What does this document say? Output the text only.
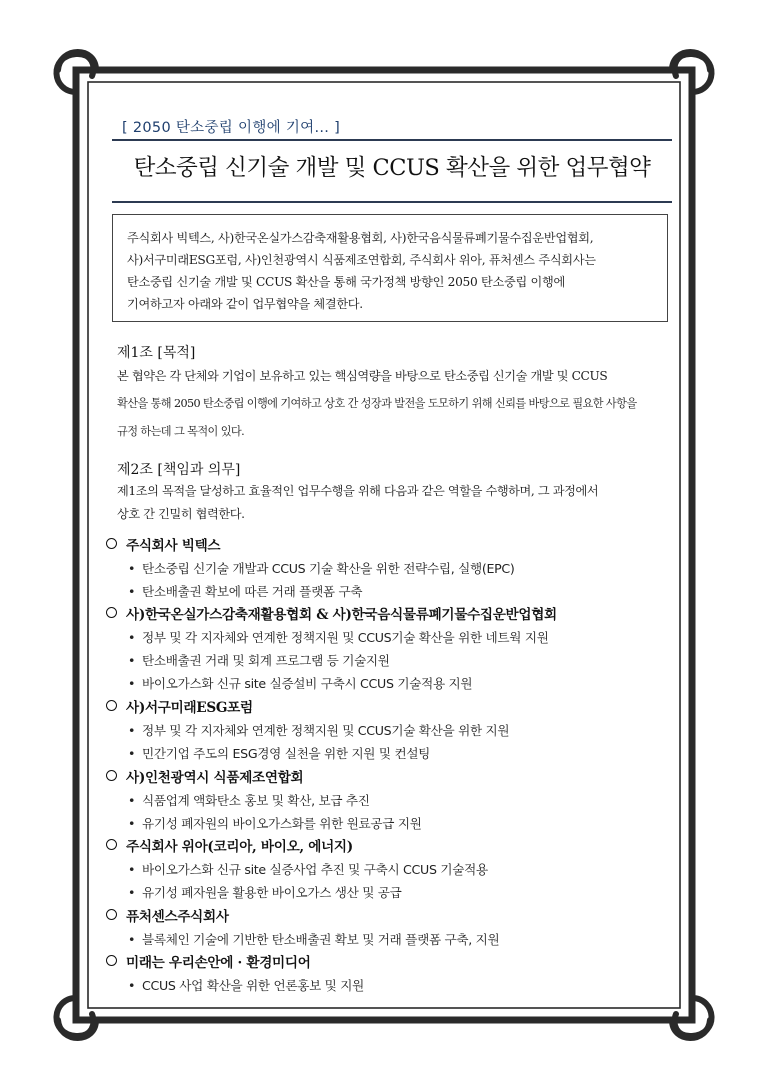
[ 2050 탄소중립 이행에 기여... ]
탄소중립 신기술 개발 및 CCUS 확산을 위한 업무협약
주식회사 빅텍스, 사)한국온실가스감축재활용협회, 사)한국음식물류폐기물수집운반업협회,
사)서구미래ESG포럼, 사)인천광역시 식품제조연합회, 주식회사 위아, 퓨처센스 주식회사는
탄소중립 신기술 개발 및 CCUS 확산을 통해 국가정책 방향인 2050 탄소중립 이행에
기여하고자 아래와 같이 업무협약을 체결한다.
제1조 [목적]
본 협약은 각 단체와 기업이 보유하고 있는 핵심역량을 바탕으로 탄소중립 신기술 개발 및 CCUS
확산을 통해 2050 탄소중립 이행에 기여하고 상호 간 성장과 발전을 도모하기 위해 신뢰를 바탕으로 필요한 사항을
규정 하는데 그 목적이 있다.
제2조 [책임과 의무]
제1조의 목적을 달성하고 효율적인 업무수행을 위해 다음과 같은 역할을 수행하며, 그 과정에서
상호 간 긴밀히 협력한다.
주식회사 빅텍스
• 탄소중립 신기술 개발과 CCUS 기술 확산을 위한 전략수립, 실행(EPC)
• 탄소배출권 확보에 따른 거래 플랫폼 구축
사)한국온실가스감축재활용협회 & 사)한국음식물류폐기물수집운반업협회
• 정부 및 각 지자체와 연계한 정책지원 및 CCUS기술 확산을 위한 네트웍 지원
• 탄소배출권 거래 및 회계 프로그램 등 기술지원
• 바이오가스화 신규 site 실증설비 구축시 CCUS 기술적용 지원
사)서구미래ESG포럼
• 정부 및 각 지자체와 연계한 정책지원 및 CCUS기술 확산을 위한 지원
• 민간기업 주도의 ESG경영 실천을 위한 지원 및 컨설팅
사)인천광역시 식품제조연합회
• 식품업계 액화탄소 홍보 및 확산, 보급 추진
• 유기성 폐자원의 바이오가스화를 위한 원료공급 지원
주식회사 위아(코리아, 바이오, 에너지)
• 바이오가스화 신규 site 실증사업 추진 및 구축시 CCUS 기술적용
• 유기성 폐자원을 활용한 바이오가스 생산 및 공급
퓨처센스주식회사
• 블록체인 기술에 기반한 탄소배출권 확보 및 거래 플랫폼 구축, 지원
미래는 우리손안에 · 환경미디어
• CCUS 사업 확산을 위한 언론홍보 및 지원
